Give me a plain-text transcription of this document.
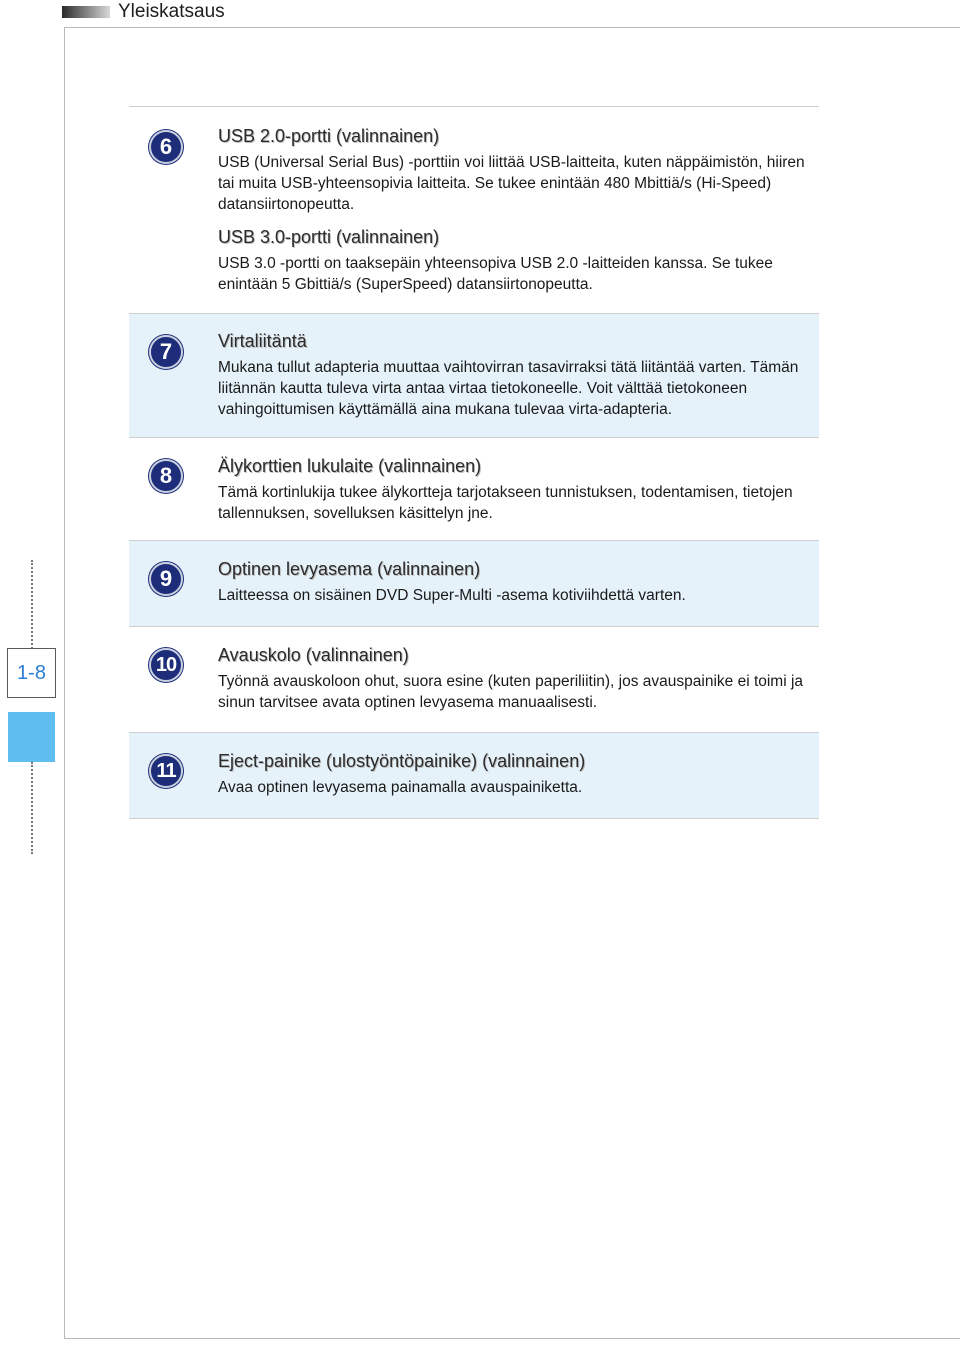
Yleiskatsaus
1-8
6	USB 2.0-portti (valinnainen)
USB (Universal Serial Bus) -porttiin voi liittää USB-laitteita, kuten näppäimistön, hiiren tai muita USB-yhteensopivia laitteita. Se tukee enintään 480 Mbittiä/s (Hi-Speed) datansiirtonopeutta.
USB 3.0-portti (valinnainen)
USB 3.0 -portti on taaksepäin yhteensopiva USB 2.0 -laitteiden kanssa. Se tukee enintään 5 Gbittiä/s (SuperSpeed) datansiirtonopeutta.
7	Virtaliitäntä
Mukana tullut adapteria muuttaa vaihtovirran tasavirraksi tätä liitäntää varten. Tämän liitännän kautta tuleva virta antaa virtaa tietokoneelle. Voit välttää tietokoneen vahingoittumisen käyttämällä aina mukana tulevaa virta-adapteria.
8	Älykorttien lukulaite (valinnainen)
Tämä kortinlukija tukee älykortteja tarjotakseen tunnistuksen, todentamisen, tietojen tallennuksen, sovelluksen käsittelyn jne.
9	Optinen levyasema (valinnainen)
Laitteessa on sisäinen DVD Super-Multi -asema kotiviihdettä varten.
10	Avauskolo (valinnainen)
Työnnä avauskoloon ohut, suora esine (kuten paperiliitin), jos avauspainike ei toimi ja sinun tarvitsee avata optinen levyasema manuaalisesti.
11	Eject-painike (ulostyöntöpainike) (valinnainen)
Avaa optinen levyasema painamalla avauspainiketta.
